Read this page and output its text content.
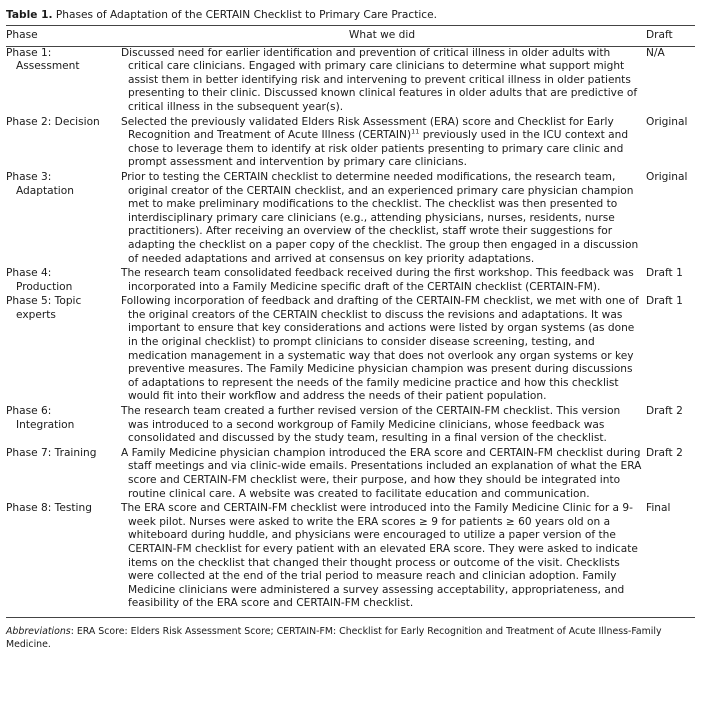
Table 1. Phases of Adaptation of the CERTAIN Checklist to Primary Care Practice.
Phase	What we did	Draft

Phase 1:
Assessment	Discussed need for earlier identification and prevention of critical illness in older adults with critical care clinicians. Engaged with primary care clinicians to determine what support might assist them in better identifying risk and intervening to prevent critical illness in older patients presenting to their clinic. Discussed known clinical features in older adults that are predictive of critical illness in the subsequent year(s).	N/A

Phase 2: Decision	Selected the previously validated Elders Risk Assessment (ERA) score and Checklist for Early Recognition and Treatment of Acute Illness (CERTAIN)$^{11}$ previously used in the ICU context and chose to leverage them to identify at risk older patients presenting to primary care clinic and prompt assessment and intervention by primary care clinicians.	Original

Phase 3:
Adaptation	Prior to testing the CERTAIN checklist to determine needed modifications, the research team, original creator of the CERTAIN checklist, and an experienced primary care physician champion met to make preliminary modifications to the checklist. The checklist was then presented to interdisciplinary primary care clinicians (e.g., attending physicians, nurses, residents, nurse practitioners). After receiving an overview of the checklist, staff wrote their suggestions for adapting the checklist on a paper copy of the checklist. The group then engaged in a discussion of needed adaptations and arrived at consensus on key priority adaptations.	Original

Phase 4:
Production	The research team consolidated feedback received during the first workshop. This feedback was incorporated into a Family Medicine specific draft of the CERTAIN checklist (CERTAIN-FM).	Draft 1

Phase 5: Topic
experts	Following incorporation of feedback and drafting of the CERTAIN-FM checklist, we met with one of the original creators of the CERTAIN checklist to discuss the revisions and adaptations. It was important to ensure that key considerations and actions were listed by organ systems (as done in the original checklist) to prompt clinicians to consider disease screening, testing, and medication management in a systematic way that does not overlook any organ systems or key preventive measures. The Family Medicine physician champion was present during discussions of adaptations to represent the needs of the family medicine practice and how this checklist would fit into their workflow and address the needs of their patient population.	Draft 1

Phase 6:
Integration	The research team created a further revised version of the CERTAIN-FM checklist. This version was introduced to a second workgroup of Family Medicine clinicians, whose feedback was consolidated and discussed by the study team, resulting in a final version of the checklist.	Draft 2

Phase 7: Training	A Family Medicine physician champion introduced the ERA score and CERTAIN-FM checklist during staff meetings and via clinic-wide emails. Presentations included an explanation of what the ERA score and CERTAIN-FM checklist were, their purpose, and how they should be integrated into routine clinical care. A website was created to facilitate education and communication.	Draft 2

Phase 8: Testing	The ERA score and CERTAIN-FM checklist were introduced into the Family Medicine Clinic for a 9-week pilot. Nurses were asked to write the ERA scores ≥ 9 for patients ≥ 60 years old on a whiteboard during huddle, and physicians were encouraged to utilize a paper version of the CERTAIN-FM checklist for every patient with an elevated ERA score. They were asked to indicate items on the checklist that changed their thought process or outcome of the visit. Checklists were collected at the end of the trial period to measure reach and clinician adoption. Family Medicine clinicians were administered a survey assessing acceptability, appropriateness, and feasibility of the ERA score and CERTAIN-FM checklist.	Final
Abbreviations: ERA Score: Elders Risk Assessment Score; CERTAIN-FM: Checklist for Early Recognition and Treatment of Acute Illness-Family Medicine.
